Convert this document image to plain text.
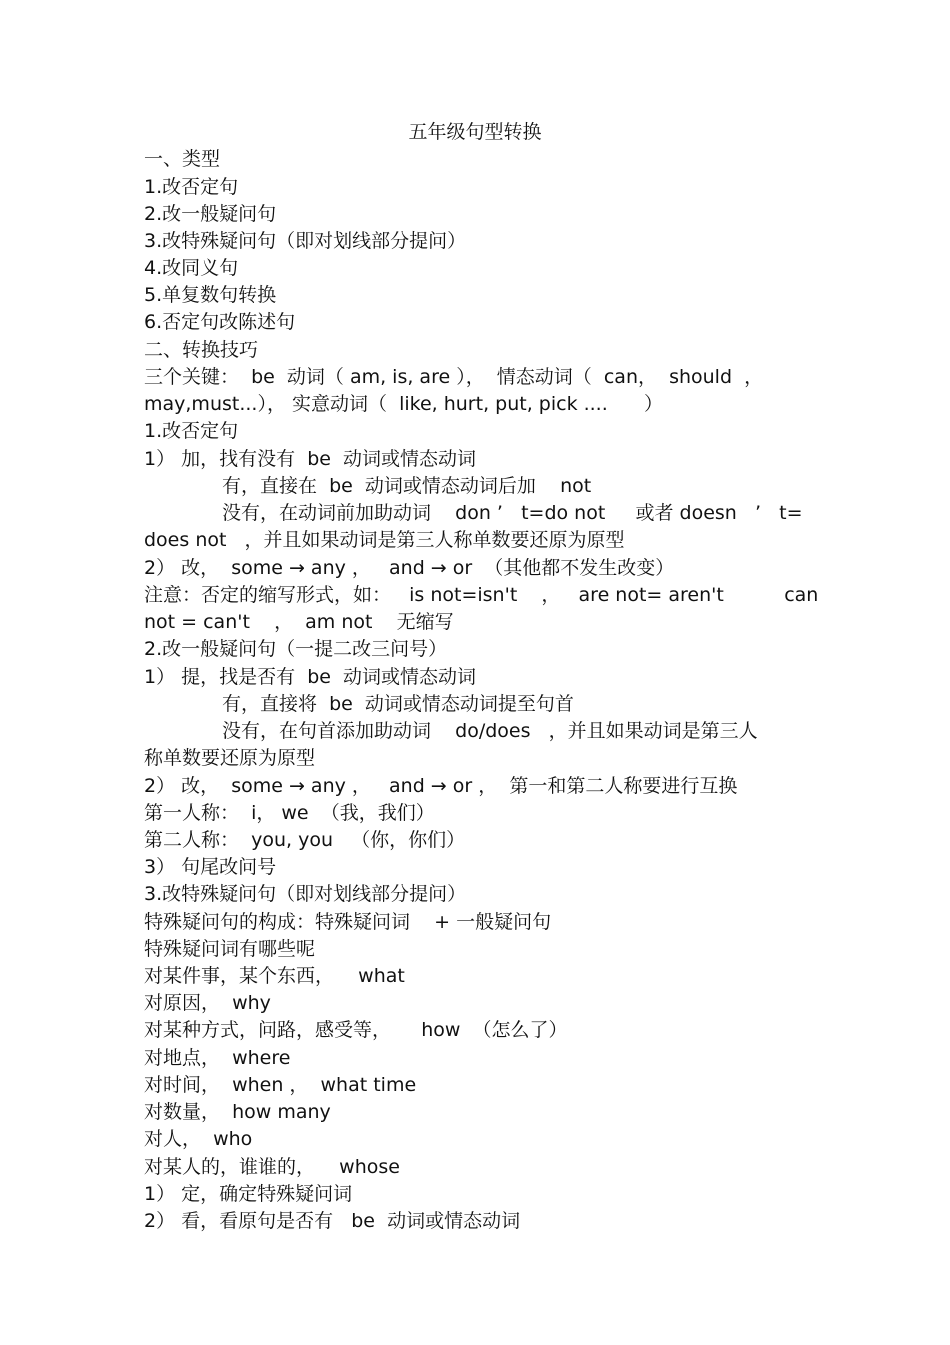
五年级句型转换
一、类型
1.改否定句
2.改一般疑问句
3.改特殊疑问句（即对划线部分提问）
4.改同义句
5.单复数句转换
6.否定句改陈述句
二、转换技巧
三个关键：  be  动词（ am, is, are ），  情态动词（  can，  should  ，
may,must...）， 实意动词（  like, hurt, put, pick ....      ）
1.改否定句
1） 加，找有没有  be  动词或情态动词
有，直接在  be  动词或情态动词后加    not
没有，在动词前加助动词    don ’   t=do not     或者 doesn   ’   t=
does not   ，并且如果动词是第三人称单数要还原为原型
2） 改，  some → any ，   and → or  （其他都不发生改变）
注意：否定的缩写形式，如：   is not=isn't    ，   are not= aren't          can
not = can't    ，  am not    无缩写
2.改一般疑问句（一提二改三问号）
1） 提，找是否有  be  动词或情态动词
有，直接将  be  动词或情态动词提至句首
没有，在句首添加助动词    do/does   ，并且如果动词是第三人
称单数要还原为原型
2） 改，  some → any ，   and → or ，  第一和第二人称要进行互换
第一人称：  i， we  （我，我们）
第二人称：  you, you   （你，你们）
3） 句尾改问号
3.改特殊疑问句（即对划线部分提问）
特殊疑问句的构成：特殊疑问词    + 一般疑问句
特殊疑问词有哪些呢
对某件事，某个东西，    what
对原因，  why
对某种方式，问路，感受等，     how  （怎么了）
对地点，  where
对时间，  when ，  what time
对数量，  how many
对人，  who
对某人的，谁谁的，    whose
1） 定，确定特殊疑问词
2） 看，看原句是否有   be  动词或情态动词
